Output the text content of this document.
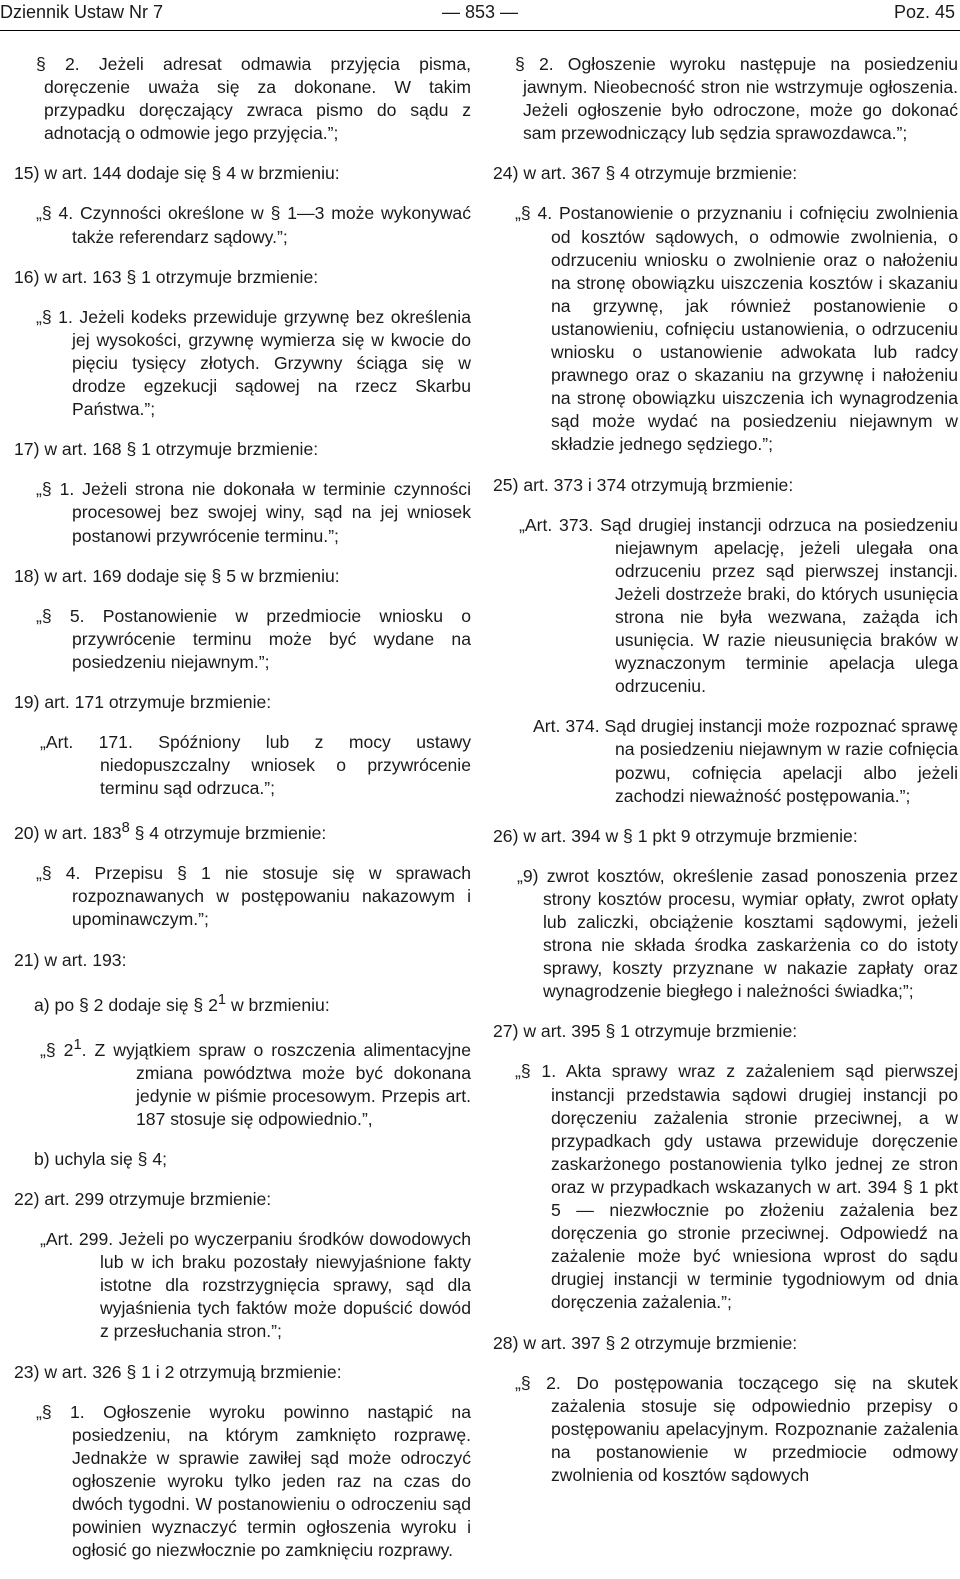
Dziennik Ustaw Nr 7	— 853 —	Poz. 45

§ 2. Jeżeli adresat odmawia przyjęcia pisma, doręczenie uważa się za dokonane. W takim przypadku doręczający zwraca pismo do sądu z adnotacją o odmowie jego przyjęcia.”;

15) w art. 144 dodaje się § 4 w brzmieniu:

„§ 4. Czynności określone w § 1—3 może wykonywać także referendarz sądowy.”;

16) w art. 163 § 1 otrzymuje brzmienie:

„§ 1. Jeżeli kodeks przewiduje grzywnę bez określenia jej wysokości, grzywnę wymierza się w kwocie do pięciu tysięcy złotych. Grzywny ściąga się w drodze egzekucji sądowej na rzecz Skarbu Państwa.”;

17) w art. 168 § 1 otrzymuje brzmienie:

„§ 1. Jeżeli strona nie dokonała w terminie czynności procesowej bez swojej winy, sąd na jej wniosek postanowi przywrócenie terminu.”;

18) w art. 169 dodaje się § 5 w brzmieniu:

„§ 5. Postanowienie w przedmiocie wniosku o przywrócenie terminu może być wydane na posiedzeniu niejawnym.”;

19) art. 171 otrzymuje brzmienie:

„Art. 171. Spóźniony lub z mocy ustawy niedopuszczalny wniosek o przywrócenie terminu sąd odrzuca.”;

20) w art. $183^8$ § 4 otrzymuje brzmienie:

„§ 4. Przepisu § 1 nie stosuje się w sprawach rozpoznawanych w postępowaniu nakazowym i upominawczym.”;

21) w art. 193:

a) po § 2 dodaje się § $2^1$ w brzmieniu:

„§ $2^1$. Z wyjątkiem spraw o roszczenia alimentacyjne zmiana powództwa może być dokonana jedynie w piśmie procesowym. Przepis art. 187 stosuje się odpowiednio.”,

b) uchyla się § 4;

22) art. 299 otrzymuje brzmienie:

„Art. 299. Jeżeli po wyczerpaniu środków dowodowych lub w ich braku pozostały niewyjaśnione fakty istotne dla rozstrzygnięcia sprawy, sąd dla wyjaśnienia tych faktów może dopuścić dowód z przesłuchania stron.”;

23) w art. 326 § 1 i 2 otrzymują brzmienie:

„§ 1. Ogłoszenie wyroku powinno nastąpić na posiedzeniu, na którym zamknięto rozprawę. Jednakże w sprawie zawiłej sąd może odroczyć ogłoszenie wyroku tylko jeden raz na czas do dwóch tygodni. W postanowieniu o odroczeniu sąd powinien wyznaczyć termin ogłoszenia wyroku i ogłosić go niezwłocznie po zamknięciu rozprawy.

§ 2. Ogłoszenie wyroku następuje na posiedzeniu jawnym. Nieobecność stron nie wstrzymuje ogłoszenia. Jeżeli ogłoszenie było odroczone, może go dokonać sam przewodniczący lub sędzia sprawozdawca.”;

24) w art. 367 § 4 otrzymuje brzmienie:

„§ 4. Postanowienie o przyznaniu i cofnięciu zwolnienia od kosztów sądowych, o odmowie zwolnienia, o odrzuceniu wniosku o zwolnienie oraz o nałożeniu na stronę obowiązku uiszczenia kosztów i skazaniu na grzywnę, jak również postanowienie o ustanowieniu, cofnięciu ustanowienia, o odrzuceniu wniosku o ustanowienie adwokata lub radcy prawnego oraz o skazaniu na grzywnę i nałożeniu na stronę obowiązku uiszczenia ich wynagrodzenia sąd może wydać na posiedzeniu niejawnym w składzie jednego sędziego.”;

25) art. 373 i 374 otrzymują brzmienie:

„Art. 373. Sąd drugiej instancji odrzuca na posiedzeniu niejawnym apelację, jeżeli ulegała ona odrzuceniu przez sąd pierwszej instancji. Jeżeli dostrzeże braki, do których usunięcia strona nie była wezwana, zażąda ich usunięcia. W razie nieusunięcia braków w wyznaczonym terminie apelacja ulega odrzuceniu.

Art. 374. Sąd drugiej instancji może rozpoznać sprawę na posiedzeniu niejawnym w razie cofnięcia pozwu, cofnięcia apelacji albo jeżeli zachodzi nieważność postępowania.”;

26) w art. 394 w § 1 pkt 9 otrzymuje brzmienie:

„9) zwrot kosztów, określenie zasad ponoszenia przez strony kosztów procesu, wymiar opłaty, zwrot opłaty lub zaliczki, obciążenie kosztami sądowymi, jeżeli strona nie składa środka zaskarżenia co do istoty sprawy, koszty przyznane w nakazie zapłaty oraz wynagrodzenie biegłego i należności świadka;”;

27) w art. 395 § 1 otrzymuje brzmienie:

„§ 1. Akta sprawy wraz z zażaleniem sąd pierwszej instancji przedstawia sądowi drugiej instancji po doręczeniu zażalenia stronie przeciwnej, a w przypadkach gdy ustawa przewiduje doręczenie zaskarżonego postanowienia tylko jednej ze stron oraz w przypadkach wskazanych w art. 394 § 1 pkt 5 — niezwłocznie po złożeniu zażalenia bez doręczenia go stronie przeciwnej. Odpowiedź na zażalenie może być wniesiona wprost do sądu drugiej instancji w terminie tygodniowym od dnia doręczenia zażalenia.”;

28) w art. 397 § 2 otrzymuje brzmienie:

„§ 2. Do postępowania toczącego się na skutek zażalenia stosuje się odpowiednio przepisy o postępowaniu apelacyjnym. Rozpoznanie zażalenia na postanowienie w przedmiocie odmowy zwolnienia od kosztów sądowych
